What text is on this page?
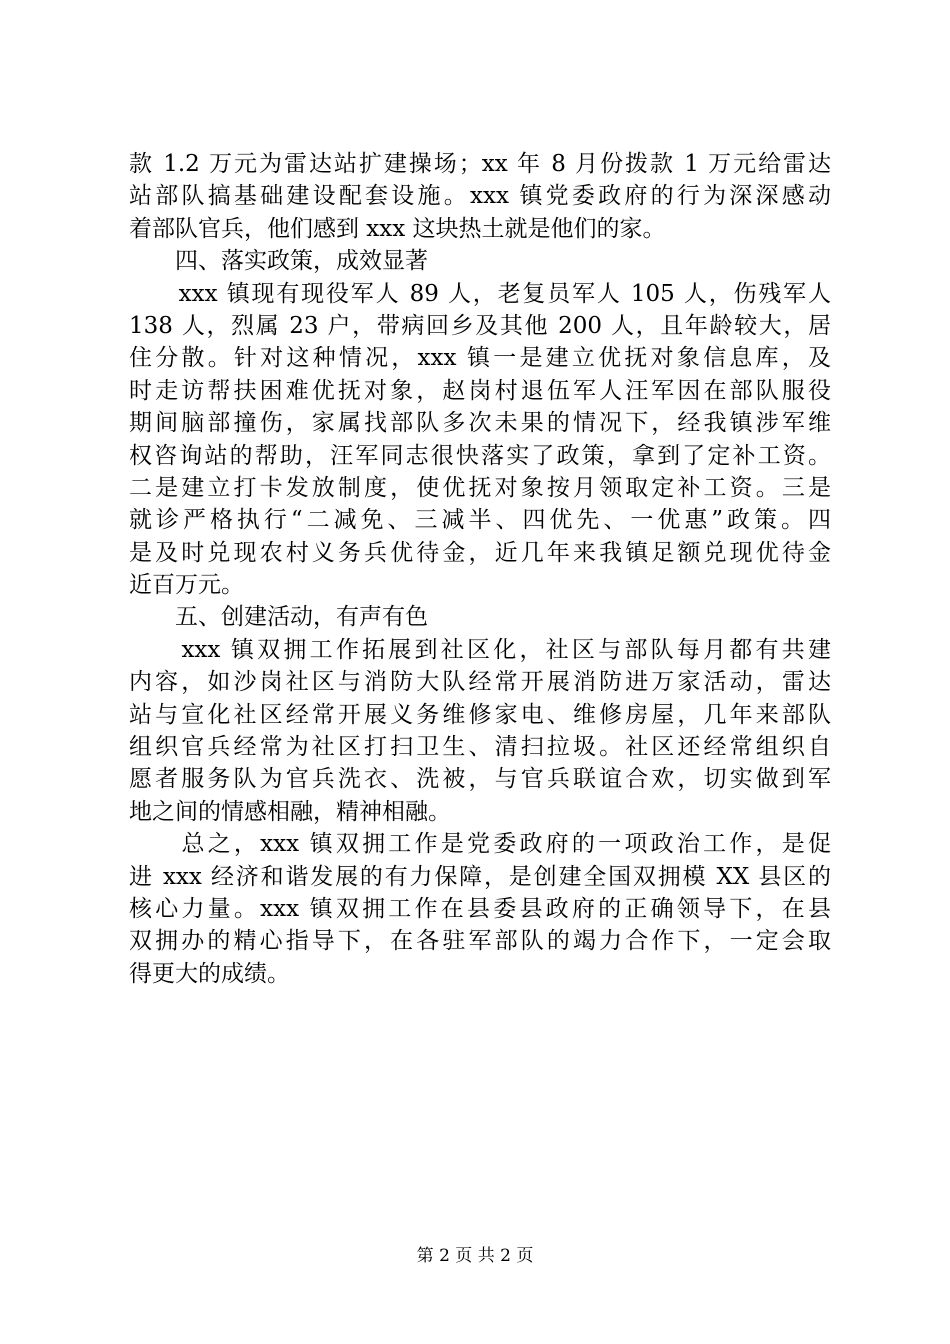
款 1.2 万元为雷达站扩建操场；xx 年 8 月份拨款 1 万元给雷达
站部队搞基础建设配套设施。xxx 镇党委政府的行为深深感动
着部队官兵，他们感到 xxx 这块热土就是他们的家。
　　四、落实政策，成效显著
　　xxx 镇现有现役军人 89 人，老复员军人 105 人，伤残军人
138 人，烈属 23 户，带病回乡及其他 200 人，且年龄较大，居
住分散。针对这种情况，xxx 镇一是建立优抚对象信息库，及
时走访帮扶困难优抚对象，赵岗村退伍军人汪军因在部队服役
期间脑部撞伤，家属找部队多次未果的情况下，经我镇涉军维
权咨询站的帮助，汪军同志很快落实了政策，拿到了定补工资。
二是建立打卡发放制度，使优抚对象按月领取定补工资。三是
就诊严格执行“二减免、三减半、四优先、一优惠”政策。四
是及时兑现农村义务兵优待金，近几年来我镇足额兑现优待金
近百万元。
　　五、创建活动，有声有色
　　xxx 镇双拥工作拓展到社区化，社区与部队每月都有共建
内容，如沙岗社区与消防大队经常开展消防进万家活动，雷达
站与宣化社区经常开展义务维修家电、维修房屋，几年来部队
组织官兵经常为社区打扫卫生、清扫拉圾。社区还经常组织自
愿者服务队为官兵洗衣、洗被，与官兵联谊合欢，切实做到军
地之间的情感相融，精神相融。
　　总之，xxx 镇双拥工作是党委政府的一项政治工作，是促
进 xxx 经济和谐发展的有力保障，是创建全国双拥模 XX 县区的
核心力量。xxx 镇双拥工作在县委县政府的正确领导下，在县
双拥办的精心指导下，在各驻军部队的竭力合作下，一定会取
得更大的成绩。
第 2 页 共 2 页
